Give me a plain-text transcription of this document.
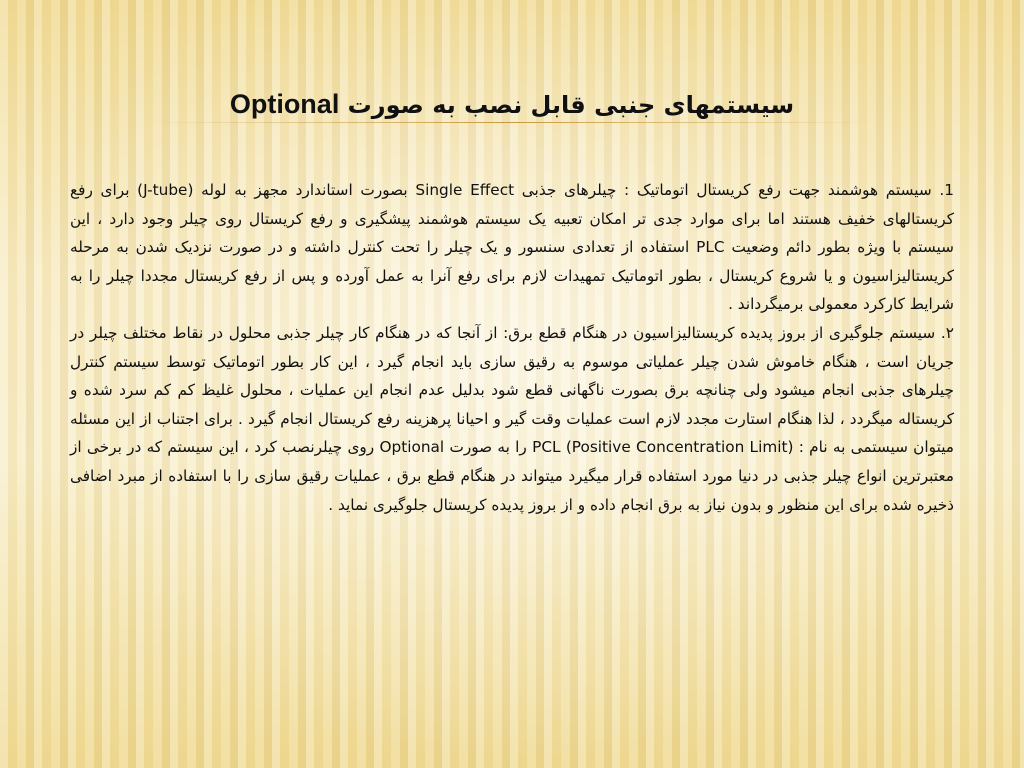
سیستمهای جنبی قابل نصب به صورت Optional

1. سیستم هوشمند جهت رفع کریستال اتوماتیک : چیلرهای جذبی Single Effect بصورت استاندارد مجهز به لوله (J-tube) برای رفع کریستالهای خفیف هستند اما برای موارد جدی تر امکان تعبیه یک سیستم هوشمند پیشگیری و رفع کریستال روی چیلر وجود دارد ، این سیستم با ویژه بطور دائم وضعیت PLC استفاده از تعدادی سنسور و یک چیلر را تحت کنترل داشته و در صورت نزدیک شدن به مرحله کریستالیزاسیون و یا شروع کریستال ، بطور اتوماتیک تمهیدات لازم برای رفع آنرا به عمل آورده و پس از رفع کریستال مجددا چیلر را به شرایط کارکرد معمولی برمیگرداند .

۲. سیستم جلوگیری از بروز پدیده کریستالیزاسیون در هنگام قطع برق: از آنجا که در هنگام کار چیلر جذبی محلول در نقاط مختلف چیلر در جریان است ، هنگام خاموش شدن چیلر عملیاتی موسوم به رقیق سازی باید انجام گیرد ، این کار بطور اتوماتیک توسط سیستم کنترل چیلرهای جذبی انجام میشود ولی چنانچه برق بصورت ناگهانی قطع شود بدلیل عدم انجام این عملیات ، محلول غلیظ کم کم سرد شده و کریستاله میگردد ، لذا هنگام استارت مجدد لازم است عملیات وقت گیر و احیانا پرهزینه رفع کریستال انجام گیرد . برای اجتناب از این مسئله میتوان سیستمی به نام : PCL (Positive Concentration Limit) را به صورت Optional روی چیلرنصب کرد ، این سیستم که در برخی از معتبرترین انواع چیلر جذبی در دنیا مورد استفاده قرار میگیرد میتواند در هنگام قطع برق ، عملیات رقیق سازی را با استفاده از مبرد اضافی ذخیره شده برای این منظور و بدون نیاز به برق انجام داده و از بروز پدیده کریستال جلوگیری نماید .
